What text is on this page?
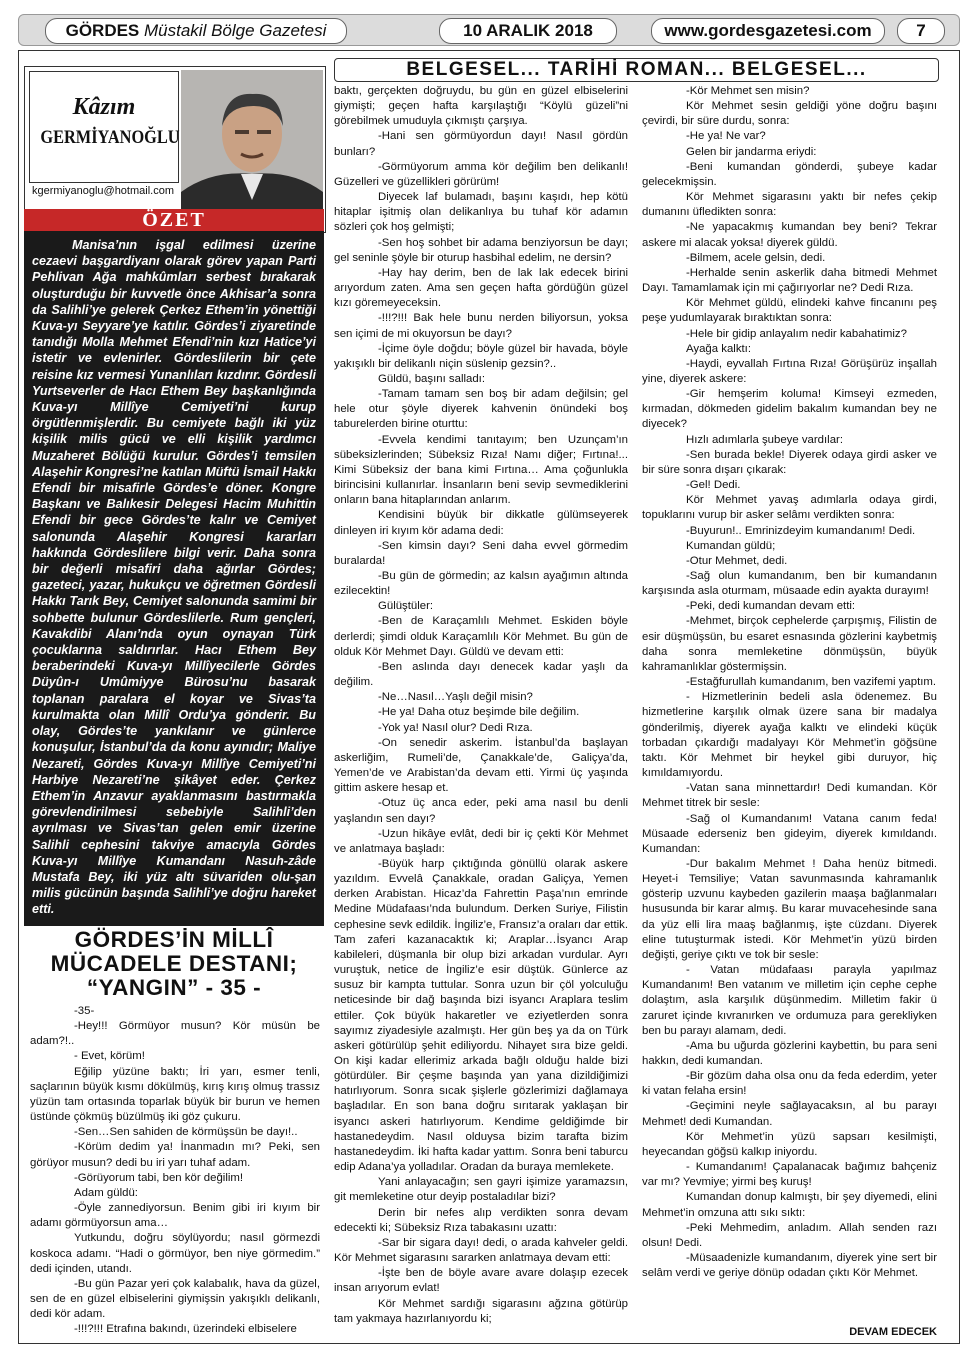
GÖRDES Müstakil Bölge Gazetesi	10 ARALIK 2018	www.gordesgazetesi.com	7
Kâzım
GERMİYANOĞLU
kgermiyanoglu@hotmail.com
ÖZET

Manisa’nın işgal edilmesi üzerine cezaevi başgardiyanı olarak görev yapan Parti Pehlivan Ağa mahkûmları serbest bırakarak oluşturduğu bir kuvvetle önce Akhisar’a sonra da Salihli’ye gelerek Çerkez Ethem’in yönettiği Kuva-yı Seyyare’ye katılır. Gördes’i ziyaretinde tanıdığı Molla Mehmet Efendi’nin kızı Hatice’yi istetir ve evlenirler. Gördeslilerin bir çete reisine kız vermesi Yunanlıları kızdırır. Gördesli Yurtseverler de Hacı Ethem Bey başkanlığında Kuva-yı Millîye Cemiyeti’ni kurup örgütlenmişlerdir. Bu cemiyete bağlı iki yüz kişilik milis gücü ve elli kişilik yardımcı Muzaheret Bölüğü kurulur. Gördes’i temsilen Alaşehir Kongresi’ne katılan Müftü İsmail Hakkı Efendi bir misafirle Gördes’e döner. Kongre Başkanı ve Balıkesir Delegesi Hacim Muhittin Efendi bir gece Gördes’te kalır ve Cemiyet salonunda Alaşehir Kongresi kararları hakkında Gördeslilere bilgi verir. Daha sonra bir değerli misafiri daha ağırlar Gördes; gazeteci, yazar, hukukçu ve öğretmen Gördesli Hakkı Tarık Bey, Cemiyet salonunda samimi bir sohbette bulunur Gördeslilerle. Rum gençleri, Kavakdibi Alanı’nda oyun oynayan Türk çocuklarına saldırırlar. Hacı Ethem Bey beraberindeki Kuva-yı Millîyecilerle Gördes Düyûn-ı Umûmiyye Bürosu’nu basarak toplanan paralara el koyar ve Sivas’ta kurulmakta olan Millî Ordu’ya gönderir. Bu olay, Gördes’te yankılanır ve günlerce konuşulur, İstanbul’da da konu ayınıdır; Maliye Nezareti, Gördes Kuva-yı Millîye Cemiyeti’ni Harbiye Nezareti’ne şikâyet eder. Çerkez Ethem’in Anzavur ayaklanmasını bastırmakla görevlendirilmesi sebebiyle Salihli’den ayrılması ve Sivas’tan gelen emir üzerine Salihli cephesini takviye amacıyla Gördes Kuva-yı Millîye Kumandanı Nasuh-zâde Mustafa Bey, iki yüz altı süvariden olu-şan milis gücünün başında Salihli’ye doğru hareket etti.

GÖRDES’İN MİLLÎ
MÜCADELE DESTANI;
“YANGIN” - 35 -
BELGESEL... TARİHİ ROMAN... BELGESEL...

-35-

-Hey!!! Görmüyor musun? Kör müsün be adam?!..

- Evet, körüm!

Eğilip yüzüne baktı; İri yarı, esmer tenli, saçlarının büyük kısmı dökülmüş, kırış kırış olmuş trassız yüzün tam ortasında toparlak büyük bir burun ve hemen üstünde çökmüş büzülmüş iki göz çukuru.

-Sen…Sen sahiden de körmüşsün be dayı!..

-Körüm dedim ya! İnanmadın mı? Peki, sen görüyor musun? dedi bu iri yarı tuhaf adam.

-Görüyorum tabi, ben kör değilim!

Adam güldü:

-Öyle zannediyorsun. Benim gibi iri kıyım bir adamı görmüyorsun ama…

Yutkundu, doğru söylüyordu; nasıl görmezdi koskoca adamı. “Hadi o görmüyor, ben niye görmedim.” dedi içinden, utandı.

-Bu gün Pazar yeri çok kalabalık, hava da güzel, sen de en güzel elbiselerini giymişsin yakışıklı delikanlı, dedi kör adam.

-!!!?!!! Etrafına bakındı, üzerindeki elbiselere

baktı, gerçekten doğruydu, bu gün en güzel elbiselerini giymişti; geçen hafta karşılaştığı “Köylü güzeli”ni görebilmek umuduyla çıkmıştı çarşıya.

-Hani sen görmüyordun dayı! Nasıl gördün bunları?

-Görmüyorum amma kör değilim ben delikanlı! Güzelleri ve güzellikleri görürüm!

Diyecek laf bulamadı, başını kaşıdı, hep kötü hitaplar işitmiş olan delikanlıya bu tuhaf kör adamın sözleri çok hoş gelmişti;

-Sen hoş sohbet bir adama benziyorsun be dayı; gel seninle şöyle bir oturup hasbihal edelim, ne dersin?

-Hay hay derim, ben de lak lak edecek birini arıyordum zaten. Ama sen geçen hafta gördüğün güzel kızı göremeyeceksin.

-!!!?!!! Bak hele bunu nerden biliyorsun, yoksa sen içimi de mi okuyorsun be dayı?

-İçime öyle doğdu; böyle güzel bir havada, böyle yakışıklı bir delikanlı niçin süslenip gezsin?..

Güldü, başını salladı:

-Tamam tamam sen boş bir adam değilsin; gel hele otur şöyle diyerek kahvenin önündeki boş taburelerden birine oturttu:

-Evvela kendimi tanıtayım; ben Uzunçam’ın sübeksizlerinden; Sübeksiz Rıza! Namı diğer; Fırtına!... Kimi Sübeksiz der bana kimi Fırtına… Ama çoğunlukla birincisini kullanırlar. İnsanların beni sevip sevmediklerini onların bana hitaplarından anlarım.

Kendisini büyük bir dikkatle gülümseyerek dinleyen iri kıyım kör adama dedi:

-Sen kimsin dayı? Seni daha evvel görmedim buralarda!

-Bu gün de görmedin; az kalsın ayağımın altında ezilecektin!

Gülüştüler:

-Ben de Karaçamlılı Mehmet. Eskiden böyle derlerdi; şimdi olduk Karaçamlılı Kör Mehmet. Bu gün de olduk Kör Mehmet Dayı. Güldü ve devam etti:

-Ben aslında dayı denecek kadar yaşlı da değilim.

-Ne…Nasıl…Yaşlı değil misin?

-He ya! Daha otuz beşimde bile değilim.

-Yok ya! Nasıl olur? Dedi Rıza.

-On senedir askerim. İstanbul’da başlayan askerliğim, Rumeli’de, Çanakkale’de, Galiçya’da, Yemen’de ve Arabistan’da devam etti. Yirmi üç yaşında gittim askere hesap et.

-Otuz üç anca eder, peki ama nasıl bu denli yaşlandın sen dayı?

-Uzun hikâye evlât, dedi bir iç çekti Kör Mehmet ve anlatmaya başladı:

-Büyük harp çıktığında gönüllü olarak askere yazıldım. Evvelâ Çanakkale, oradan Galiçya, Yemen derken Arabistan. Hicaz’da Fahrettin Paşa’nın emrinde Medine Müdafaası’nda bulundum. Derken Suriye, Filistin cephesine sevk edildik. İngiliz’e, Fransız’a oraları dar ettik. Tam zaferi kazanacaktık ki; Araplar…İsyancı Arap kabileleri, düşmanla bir olup bizi arkadan vurdular. Ayrı vuruştuk, netice de İngiliz’e esir düştük. Günlerce az susuz bir kampta tuttular. Sonra uzun bir çöl yolculuğu neticesinde bir dağ başında bizi isyancı Araplara teslim ettiler. Çok büyük hakaretler ve eziyetlerden sonra sayımız ziyadesiyle azalmıştı. Her gün beş ya da on Türk askeri götürülüp şehit ediliyordu. Nihayet sıra bize geldi. On kişi kadar ellerimiz arkada bağlı olduğu halde bizi götürdüler. Bir çeşme başında yan yana dizildiğimizi hatırlıyorum. Sonra sıcak şişlerle gözlerimizi dağlamaya başladılar. En son bana doğru sırıtarak yaklaşan bir isyancı askeri hatırlıyorum. Kendime geldiğimde bir hastanedeydim. Nasıl olduysa bizim tarafta bizim hastanedeydim. İki hafta kadar yattım. Sonra beni taburcu edip Adana’ya yolladılar. Oradan da buraya memlekete.

Yani anlayacağın; sen gayri işimize yaramazsın, git memleketine otur deyip postaladılar bizi?

Derin bir nefes alıp verdikten sonra devam edecekti ki; Sübeksiz Rıza tabakasını uzattı:

-Sar bir sigara dayı! dedi, o arada kahveler geldi. Kör Mehmet sigarasını sararken anlatmaya devam etti:

-İşte ben de böyle avare avare dolaşıp ezecek insan arıyorum evlat!

Kör Mehmet sardığı sigarasını ağzına götürüp tam yakmaya hazırlanıyordu ki;

-Kör Mehmet sen misin?

Kör Mehmet sesin geldiği yöne doğru başını çevirdi, bir süre durdu, sonra:

-He ya! Ne var?

Gelen bir jandarma eriydi:

-Beni kumandan gönderdi, şubeye kadar gelecekmişsin.

Kör Mehmet sigarasını yaktı bir nefes çekip dumanını üfledikten sonra:

-Ne yapacakmış kumandan bey beni? Tekrar askere mi alacak yoksa! diyerek güldü.

-Bilmem, acele gelsin, dedi.

-Herhalde senin askerlik daha bitmedi Mehmet Dayı. Tamamlamak için mi çağırıyorlar ne? Dedi Rıza.

Kör Mehmet güldü, elindeki kahve fincanını peş peşe yudumlayarak bıraktıktan sonra:

-Hele bir gidip anlayalım nedir kabahatimiz?

Ayağa kalktı:

-Haydi, eyvallah Fırtına Rıza! Görüşürüz inşallah yine, diyerek askere:

-Gir hemşerim koluma! Kimseyi ezmeden, kırmadan, dökmeden gidelim bakalım kumandan bey ne diyecek?

Hızlı adımlarla şubeye vardılar:

-Sen burada bekle! Diyerek odaya girdi asker ve bir süre sonra dışarı çıkarak:

-Gel! Dedi.

Kör Mehmet yavaş adımlarla odaya girdi, topuklarını vurup bir asker selâmı verdikten sonra:

-Buyurun!.. Emrinizdeyim kumandanım! Dedi.

Kumandan güldü;

-Otur Mehmet, dedi.

-Sağ olun kumandanım, ben bir kumandanın karşısında asla oturmam, müsaade edin ayakta durayım!

-Peki, dedi kumandan devam etti:

-Mehmet, birçok cephelerde çarpışmış, Filistin de esir düşmüşsün, bu esaret esnasında gözlerini kaybetmiş daha sonra memleketine dönmüşsün, büyük kahramanlıklar göstermişsin.

-Estağfurullah kumandanım, ben vazifemi yaptım.

- Hizmetlerinin bedeli asla ödenemez. Bu hizmetlerine karşılık olmak üzere sana bir madalya gönderilmiş, diyerek ayağa kalktı ve elindeki küçük torbadan çıkardığı madalyayı Kör Mehmet’in göğsüne taktı. Kör Mehmet bir heykel gibi duruyor, hiç kımıldamıyordu.

-Vatan sana minnettardır! Dedi kumandan. Kör Mehmet titrek bir sesle:

-Sağ ol Kumandanım! Vatana canım feda! Müsaade ederseniz ben gideyim, diyerek kımıldandı. Kumandan:

-Dur bakalım Mehmet ! Daha henüz bitmedi. Heyet-i Temsiliye; Vatan savunmasında kahramanlık gösterip uzvunu kaybeden gazilerin maaşa bağlanmaları hususunda bir karar almış. Bu karar muvacehesinde sana da yüz elli lira maaş bağlanmış, işte cüzdanı. Diyerek eline tutuşturmak istedi. Kör Mehmet’in yüzü birden değişti, geriye çıktı ve tok bir sesle:

- Vatan müdafaası parayla yapılmaz Kumandanım! Ben vatanım ve milletim için cephe cephe dolaştım, asla karşılık düşünmedim. Milletim fakir ü zaruret içinde kıvranırken ve ordumuza para gerekliyken ben bu parayı alamam, dedi.

-Ama bu uğurda gözlerini kaybettin, bu para seni hakkın, dedi kumandan.

-Bir gözüm daha olsa onu da feda ederdim, yeter ki vatan felaha ersin!

-Geçimini neyle sağlayacaksın, al bu parayı Mehmet! dedi Kumandan.

Kör Mehmet’in yüzü sapsarı kesilmişti, heyecandan göğsü kalkıp iniyordu.

- Kumandanım! Çapalanacak bağımız bahçeniz var mı? Yevmiye; yirmi beş kuruş!

Kumandan donup kalmıştı, bir şey diyemedi, elini Mehmet’in omzuna attı sıkı sıktı:

-Peki Mehmedim, anladım. Allah senden razı olsun! Dedi.

-Müsaadenizle kumandanım, diyerek yine sert bir selâm verdi ve geriye dönüp odadan çıktı Kör Mehmet.

DEVAM EDECEK
